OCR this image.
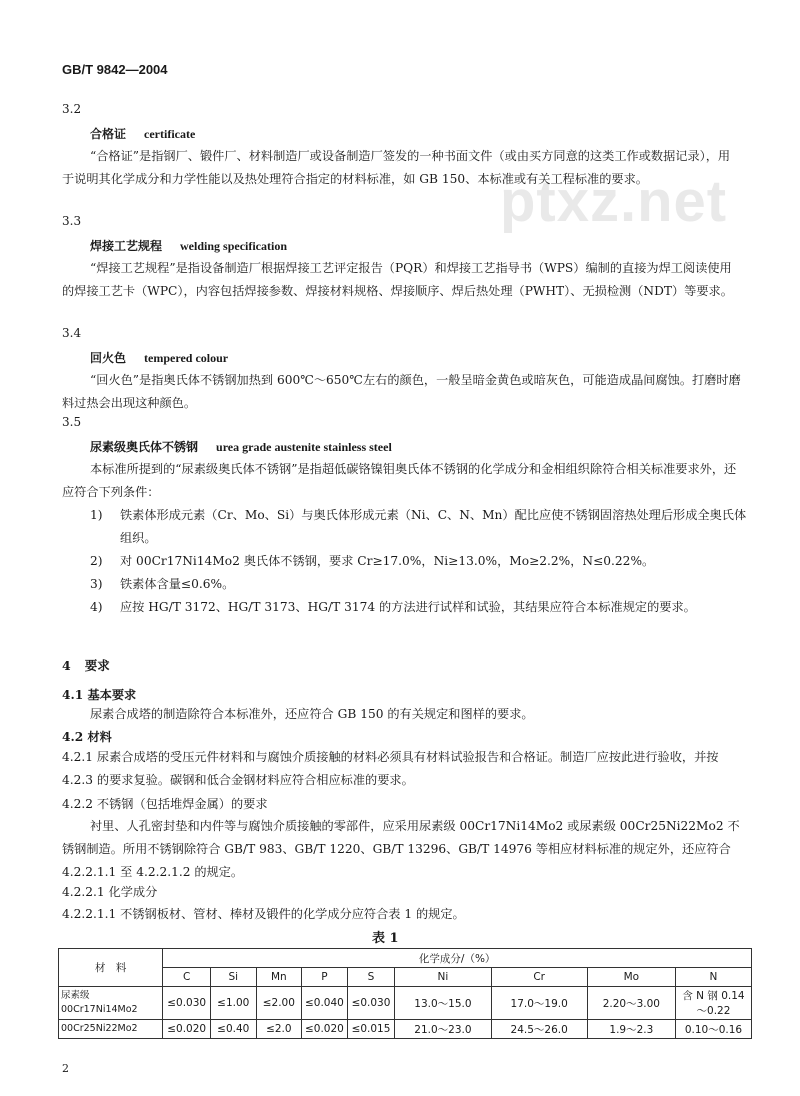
GB/T 9842—2004
ptxz.net
3.2
合格证 certificate
“合格证”是指钢厂、锻件厂、材料制造厂或设备制造厂签发的一种书面文件（或由买方同意的这类工作或数据记录），用于说明其化学成分和力学性能以及热处理符合指定的材料标准，如 GB 150、本标准或有关工程标准的要求。
3.3
焊接工艺规程 welding specification
“焊接工艺规程”是指设备制造厂根据焊接工艺评定报告（PQR）和焊接工艺指导书（WPS）编制的直接为焊工阅读使用的焊接工艺卡（WPC），内容包括焊接参数、焊接材料规格、焊接顺序、焊后热处理（PWHT）、无损检测（NDT）等要求。
3.4
回火色 tempered colour
“回火色”是指奥氏体不锈钢加热到 600℃～650℃左右的颜色，一般呈暗金黄色或暗灰色，可能造成晶间腐蚀。打磨时磨料过热会出现这种颜色。
3.5
尿素级奥氏体不锈钢 urea grade austenite stainless steel
本标准所提到的“尿素级奥氏体不锈钢”是指超低碳铬镍钼奥氏体不锈钢的化学成分和金相组织除符合相关标准要求外，还应符合下列条件：
1) 铁素体形成元素（Cr、Mo、Si）与奥氏体形成元素（Ni、C、N、Mn）配比应使不锈钢固溶热处理后形成全奥氏体组织。
2) 对 00Cr17Ni14Mo2 奥氏体不锈钢，要求 Cr≥17.0%，Ni≥13.0%，Mo≥2.2%，N≤0.22%。
3) 铁素体含量≤0.6%。
4) 应按 HG/T 3172、HG/T 3173、HG/T 3174 的方法进行试样和试验，其结果应符合本标准规定的要求。
4 要求
4.1 基本要求
尿素合成塔的制造除符合本标准外，还应符合 GB 150 的有关规定和图样的要求。
4.2 材料
4.2.1 尿素合成塔的受压元件材料和与腐蚀介质接触的材料必须具有材料试验报告和合格证。制造厂应按此进行验收，并按 4.2.3 的要求复验。碳钢和低合金钢材料应符合相应标准的要求。
4.2.2 不锈钢（包括堆焊金属）的要求
衬里、人孔密封垫和内件等与腐蚀介质接触的零部件，应采用尿素级 00Cr17Ni14Mo2 或尿素级 00Cr25Ni22Mo2 不锈钢制造。所用不锈钢除符合 GB/T 983、GB/T 1220、GB/T 13296、GB/T 14976 等相应材料标准的规定外，还应符合 4.2.2.1.1 至 4.2.2.1.2 的规定。
4.2.2.1 化学成分
4.2.2.1.1 不锈钢板材、管材、棒材及锻件的化学成分应符合表 1 的规定。
表 1
材　料	化学成分/（%）								
	C	Si	Mn	P	S	Ni	Cr	Mo	N

尿素级
00Cr17Ni14Mo2	≤0.030	≤1.00	≤2.00	≤0.040	≤0.030	13.0～15.0	17.0～19.0	2.20～3.00	含 N 钢 0.14～0.22

00Cr25Ni22Mo2	≤0.020	≤0.40	≤2.0	≤0.020	≤0.015	21.0～23.0	24.5～26.0	1.9～2.3	0.10～0.16
2
